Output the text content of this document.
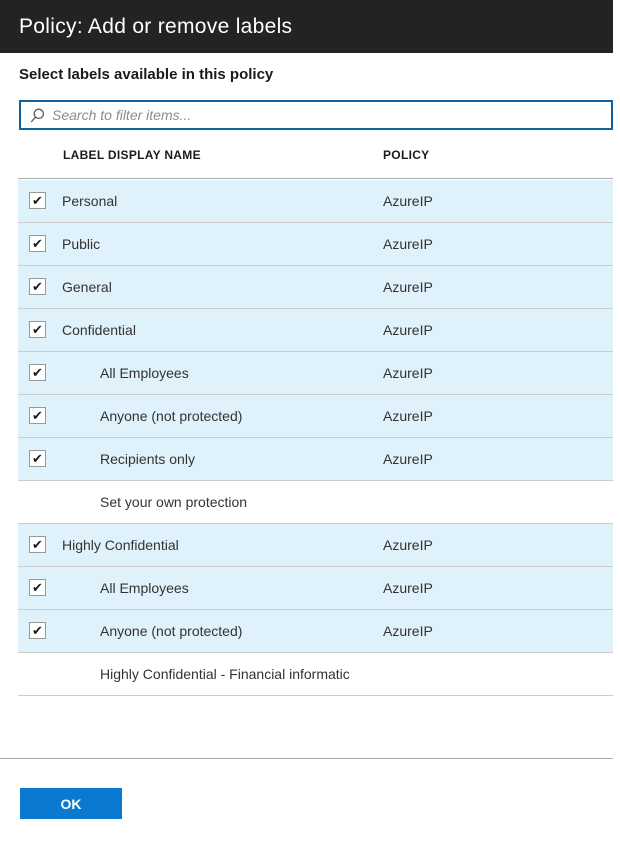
Policy: Add or remove labels
Select labels available in this policy
Search to filter items...
LABEL DISPLAY NAME	POLICY
✔ Personal	AzureIP
✔ Public	AzureIP
✔ General	AzureIP
✔ Confidential	AzureIP
✔	All Employees	AzureIP
✔	Anyone (not protected)	AzureIP
✔	Recipients only	AzureIP
Set your own protection
✔ Highly Confidential	AzureIP
✔	All Employees	AzureIP
✔	Anyone (not protected)	AzureIP
Highly Confidential - Financial informatic
OK
